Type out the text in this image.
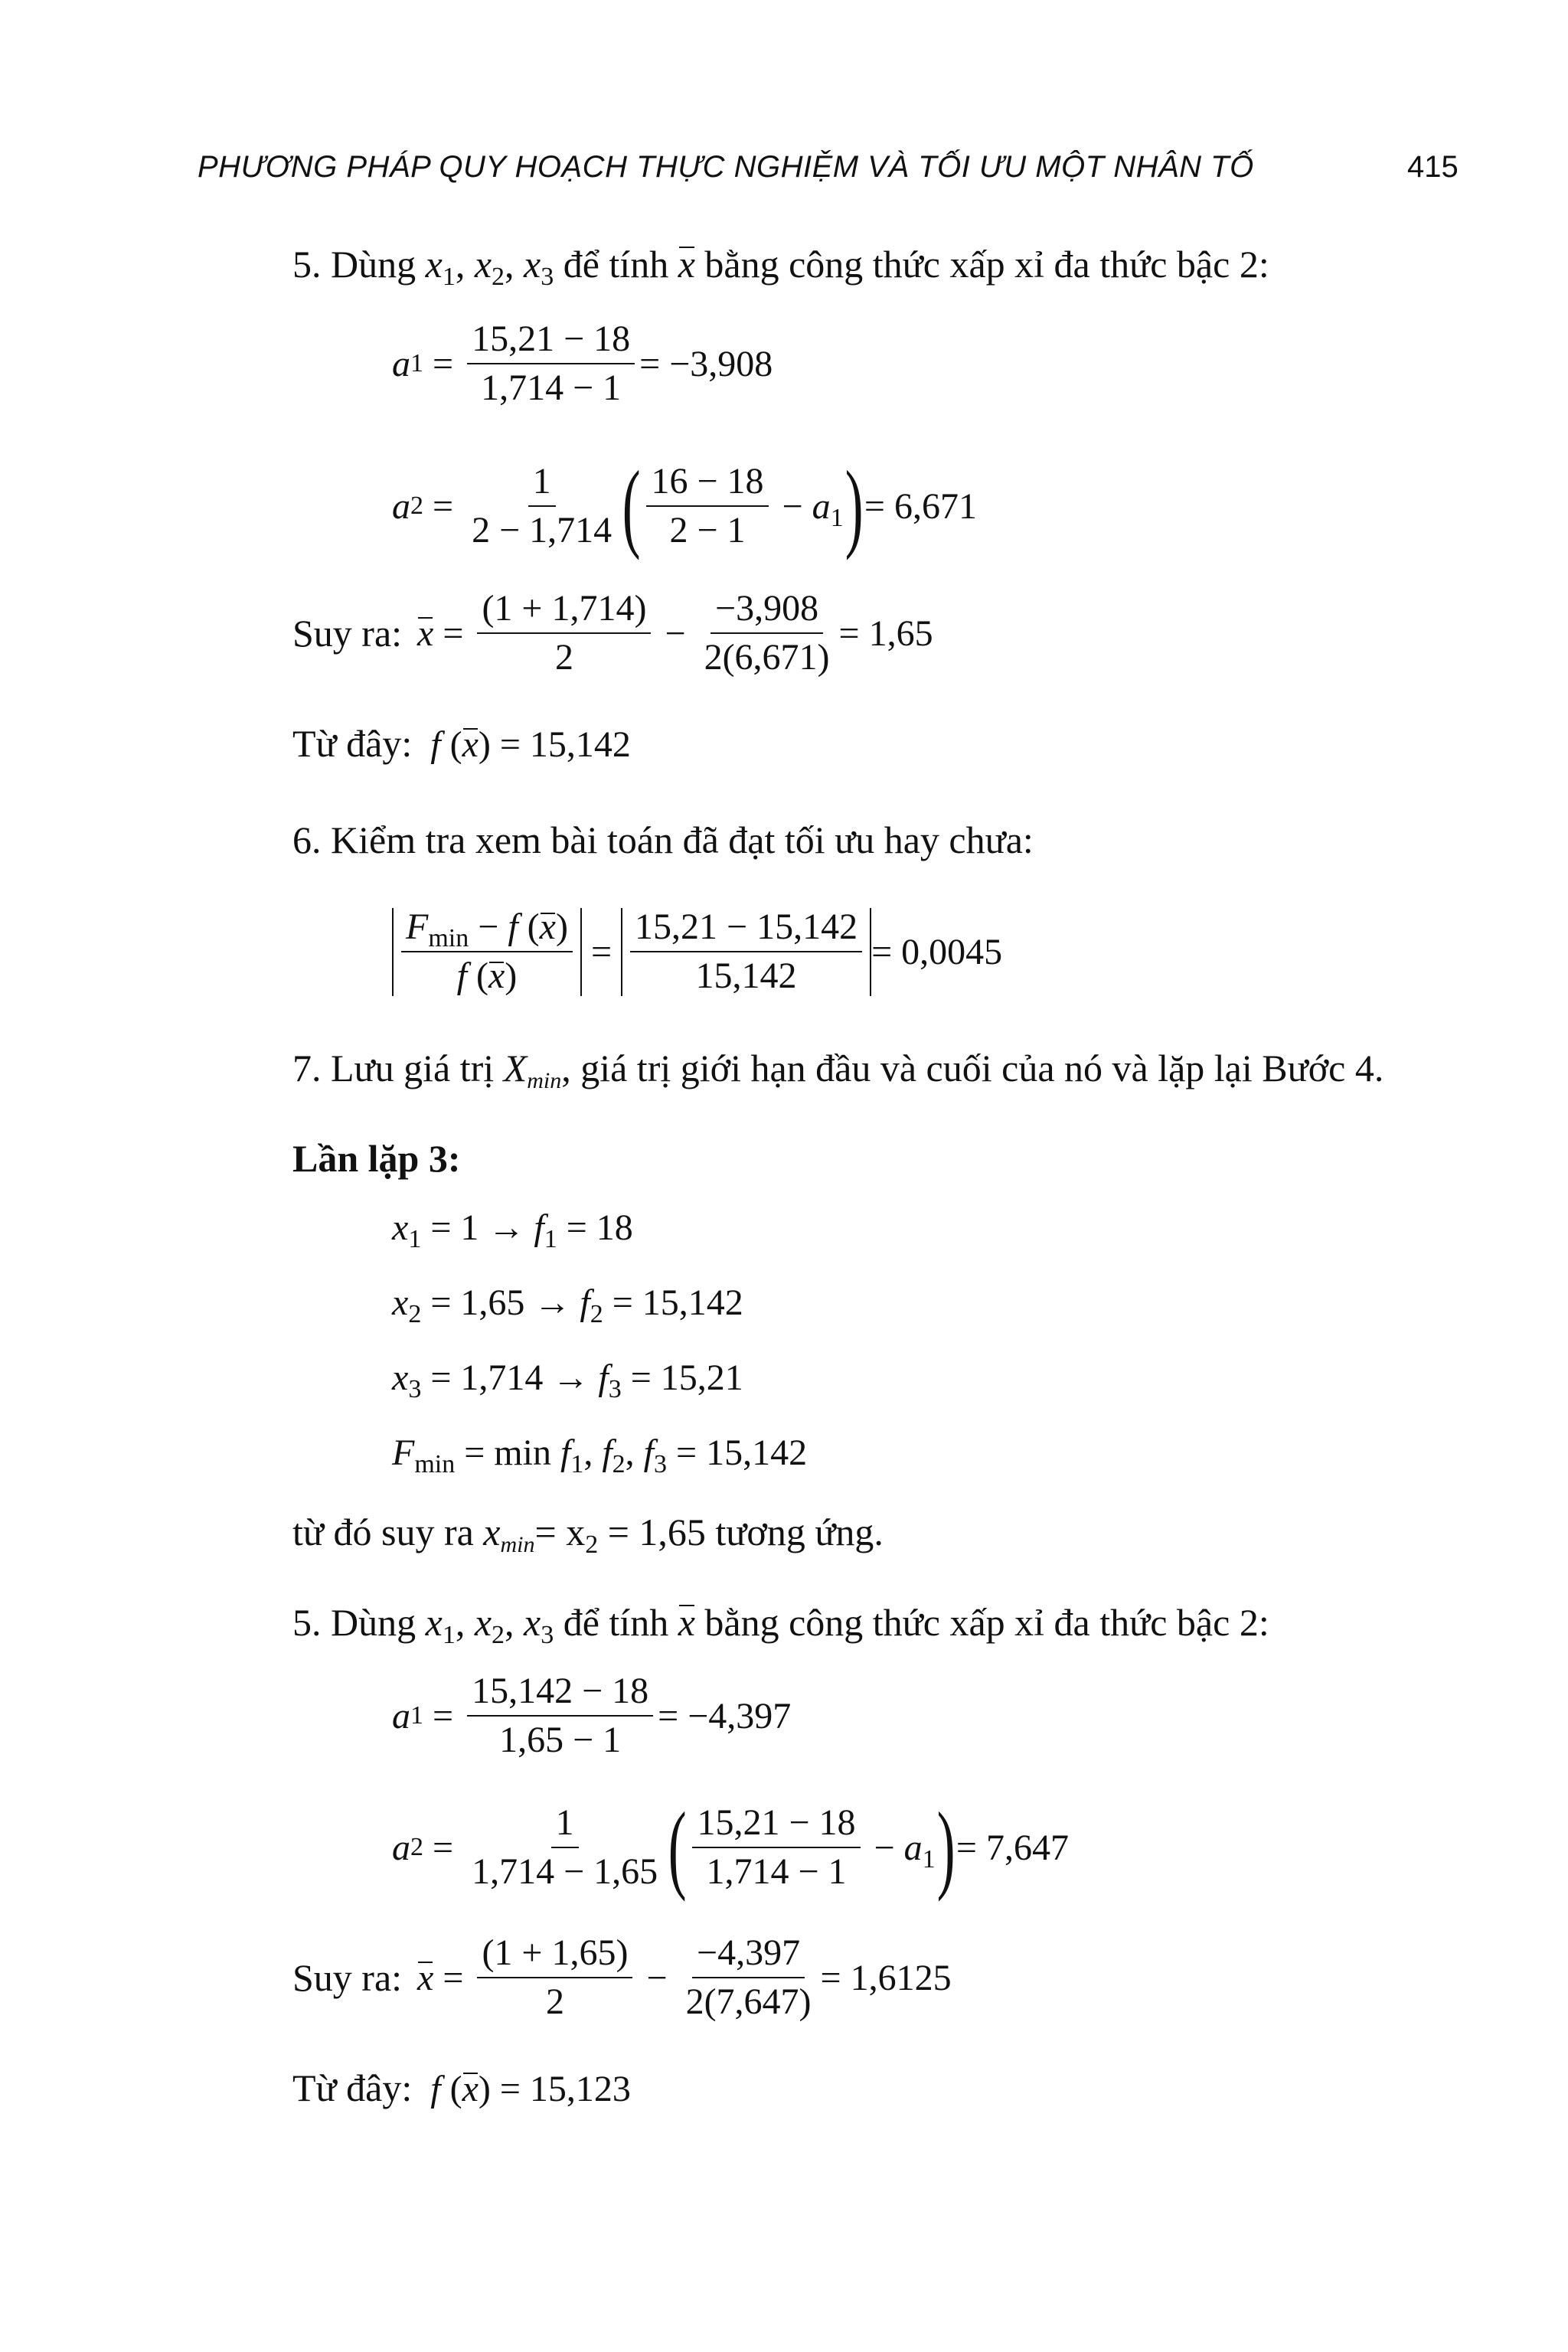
PHƯƠNG PHÁP QUY HOẠCH THỰC NGHIỆM VÀ TỐI ƯU MỘT NHÂN TỐ	415
5. Dùng $x_1$, $x_2$, $x_3$ để tính x bằng công thức xấp xỉ đa thức bậc 2:
a $1 = \frac{15,21 - 18}{1,714 - 1} = -3,908$
a $2 = \frac{1}{2 - 1,714}$ ( $\frac{16 - 18}{2 - 1} - a_1$ ) = 6,671
Suy ra: $x = \frac{(1 + 1,714)}{2} - \frac{-3,908}{2(6,671)} = 1,65$
Từ đây: f (x) = 15,142
6. Kiểm tra xem bài toán đã đạt tối ưu hay chưa:
$\frac{F_{min} - f (x)}{f (x)} = \frac{15,21 - 15,142}{15,142} = 0,0045$
7. Lưu giá trị $X_{min}$, giá trị giới hạn đầu và cuối của nó và lặp lại Bước 4.
Lần lặp 3:
$x_1 = 1 \to f_1 = 18$
$x_2 = 1,65 \to f_2 = 15,142$
$x_3 = 1,714 \to f_3 = 15,21$
$F_{min} = \min f_1$, $f_2$, $f_3 = 15,142$
từ đó suy ra $x_{min}= x_2 = 1,65$ tương ứng.
5. Dùng $x_1$, $x_2$, $x_3$ để tính x bằng công thức xấp xỉ đa thức bậc 2:
a $1 = \frac{15,142 - 18}{1,65 - 1} = -4,397$
a $2 = \frac{1}{1,714 - 1,65}$ ( $\frac{15,21 - 18}{1,714 - 1} - a_1$ ) = 7,647
Suy ra: $x = \frac{(1 + 1,65)}{2} - \frac{-4,397}{2(7,647)} = 1,6125$
Từ đây: f (x) = 15,123
